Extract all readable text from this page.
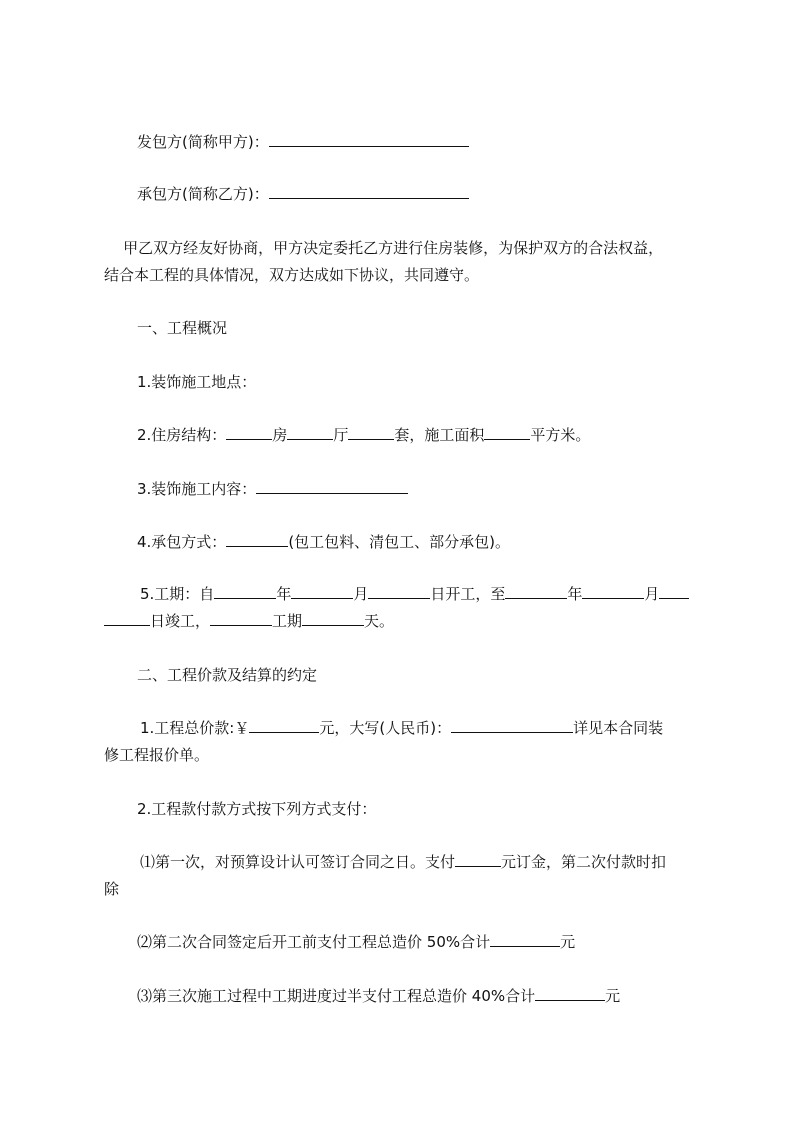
发包方(简称甲方)：
承包方(简称乙方)：
甲乙双方经友好协商，甲方决定委托乙方进行住房装修，为保护双方的合法权益，
结合本工程的具体情况，双方达成如下协议，共同遵守。
一、工程概况
1.装饰施工地点：
2.住房结构：	房	厅	套，施工面积	平方米。
3.装饰施工内容：
4.承包方式：	(包工包料、清包工、部分承包)。
5.工期：自	年	月	日开工，至	年	月
日竣工，	工期	天。
二、工程价款及结算的约定
1.工程总价款:￥	元，大写(人民币)：	详见本合同装
修工程报价单。
2.工程款付款方式按下列方式支付：
⑴第一次，对预算设计认可签订合同之日。支付	元订金，第二次付款时扣
除
⑵第二次合同签定后开工前支付工程总造价 50%合计	元
⑶第三次施工过程中工期进度过半支付工程总造价 40%合计	元
